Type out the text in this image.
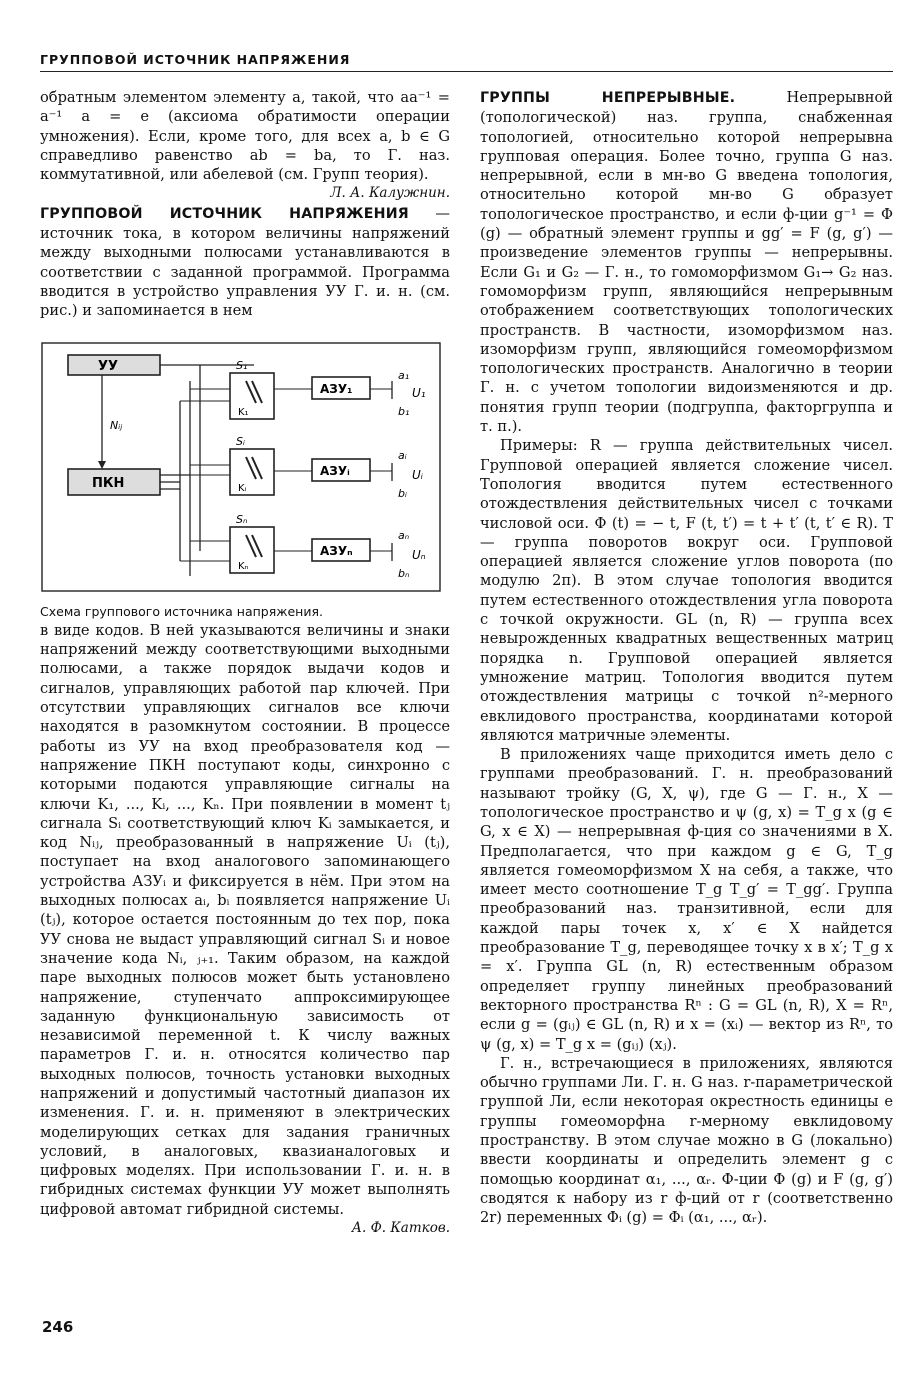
ГРУППОВОЙ ИСТОЧНИК НАПРЯЖЕНИЯ

обратным элементом элементу a, такой, что aa⁻¹ = a⁻¹ a = e (аксиома обратимости операции умножения). Если, кроме того, для всех a, b ∈ G справедливо равенство ab = ba, то Г. наз. коммутативной, или абелевой (см. Групп теория).

Л. А. Калужнин.

ГРУППОВОЙ ИСТОЧНИК НАПРЯЖЕНИЯ — источник тока, в котором величины напряжений между выходными полюсами устанавливаются в соответствии с заданной программой. Программа вводится в устройство управления УУ Г. и. н. (см. рис.) и запоминается в нем

УУ
ПКН
Nᵢⱼ
S₁
K₁
АЗУ₁
a₁
b₁
U₁
Sᵢ
Kᵢ
АЗУᵢ
aᵢ
bᵢ
Uᵢ
Sₙ
Kₙ
АЗУₙ
aₙ
bₙ
Uₙ

Схема группового источника напряжения.

в виде кодов. В ней указываются величины и знаки напряжений между соответствующими выходными полюсами, а также порядок выдачи кодов и сигналов, управляющих работой пар ключей. При отсутствии управляющих сигналов все ключи находятся в разомкнутом состоянии. В процессе работы из УУ на вход преобразователя код — напряжение ПКН поступают коды, синхронно с которыми подаются управляющие сигналы на ключи K₁, ..., Kᵢ, ..., Kₙ. При появлении в момент tⱼ сигнала Sᵢ соответствующий ключ Kᵢ замыкается, и код Nᵢⱼ, преобразованный в напряжение Uᵢ (tⱼ), поступает на вход аналогового запоминающего устройства АЗУᵢ и фиксируется в нём. При этом на выходных полюсах aᵢ, bᵢ появляется напряжение Uᵢ (tⱼ), которое остается постоянным до тех пор, пока УУ снова не выдаст управляющий сигнал Sᵢ и новое значение кода Nᵢ, ⱼ₊₁. Таким образом, на каждой паре выходных полюсов может быть установлено напряжение, ступенчато аппроксимирующее заданную функциональную зависимость от независимой переменной t. К числу важных параметров Г. и. н. относятся количество пар выходных полюсов, точность установки выходных напряжений и допустимый частотный диапазон их изменения. Г. и. н. применяют в электрических моделирующих сетках для задания граничных условий, в аналоговых, квазианалоговых и цифровых моделях. При использовании Г. и. н. в гибридных системах функции УУ может выполнять цифровой автомат гибридной системы.

А. Ф. Катков.

ГРУППЫ НЕПРЕРЫВНЫЕ. Непрерывной (топологической) наз. группа, снабженная топологией, относительно которой непрерывна групповая операция. Более точно, группа G наз. непрерывной, если в мн-во G введена топология, относительно которой мн-во G образует топологическое пространство, и если ф-ции g⁻¹ = Φ (g) — обратный элемент группы и gg′ = F (g, g′) — произведение элементов группы — непрерывны. Если G₁ и G₂ — Г. н., то гомоморфизмом G₁→ G₂ наз. гомоморфизм групп, являющийся непрерывным отображением соответствующих топологических пространств. В частности, изоморфизмом наз. изоморфизм групп, являющийся гомеоморфизмом топологических пространств. Аналогично в теории Г. н. с учетом топологии видоизменяются и др. понятия групп теории (подгруппа, факторгруппа и т. п.).

Примеры: R — группа действительных чисел. Групповой операцией является сложение чисел. Топология вводится путем естественного отождествления действительных чисел с точками числовой оси. Φ (t) = − t, F (t, t′) = t + t′ (t, t′ ∈ R). T — группа поворотов вокруг оси. Групповой операцией является сложение углов поворота (по модулю 2π). В этом случае топология вводится путем естественного отождествления угла поворота с точкой окружности. GL (n, R) — группа всех невырожденных квадратных вещественных матриц порядка n. Групповой операцией является умножение матриц. Топология вводится путем отождествления матрицы с точкой n²-мерного евклидового пространства, координатами которой являются матричные элементы.

В приложениях чаще приходится иметь дело с группами преобразований. Г. н. преобразований называют тройку (G, X, ψ), где G — Г. н., X — топологическое пространство и ψ (g, x) = T_g x (g ∈ G, x ∈ X) — непрерывная ф-ция со значениями в X. Предполагается, что при каждом g ∈ G, T_g является гомеоморфизмом X на себя, а также, что имеет место соотношение T_g T_g′ = T_gg′. Группа преобразований наз. транзитивной, если для каждой пары точек x, x′ ∈ X найдется преобразование T_g, переводящее точку x в x′; T_g x = x′. Группа GL (n, R) естественным образом определяет группу линейных преобразований векторного пространства Rⁿ : G = GL (n, R), X = Rⁿ, если g = (gᵢⱼ) ∈ GL (n, R) и x = (xᵢ) — вектор из Rⁿ, то ψ (g, x) = T_g x = (gᵢⱼ) (xⱼ).

Г. н., встречающиеся в приложениях, являются обычно группами Ли. Г. н. G наз. r-параметрической группой Ли, если некоторая окрестность единицы e группы гомеоморфна r-мерному евклидовому пространству. В этом случае можно в G (локально) ввести координаты и определить элемент g с помощью координат α₁, ..., αᵣ. Ф-ции Φ (g) и F (g, g′) сводятся к набору из r ф-ций от r (соответственно 2r) переменных Φᵢ (g) = Φᵢ (α₁, ..., αᵣ).

246
